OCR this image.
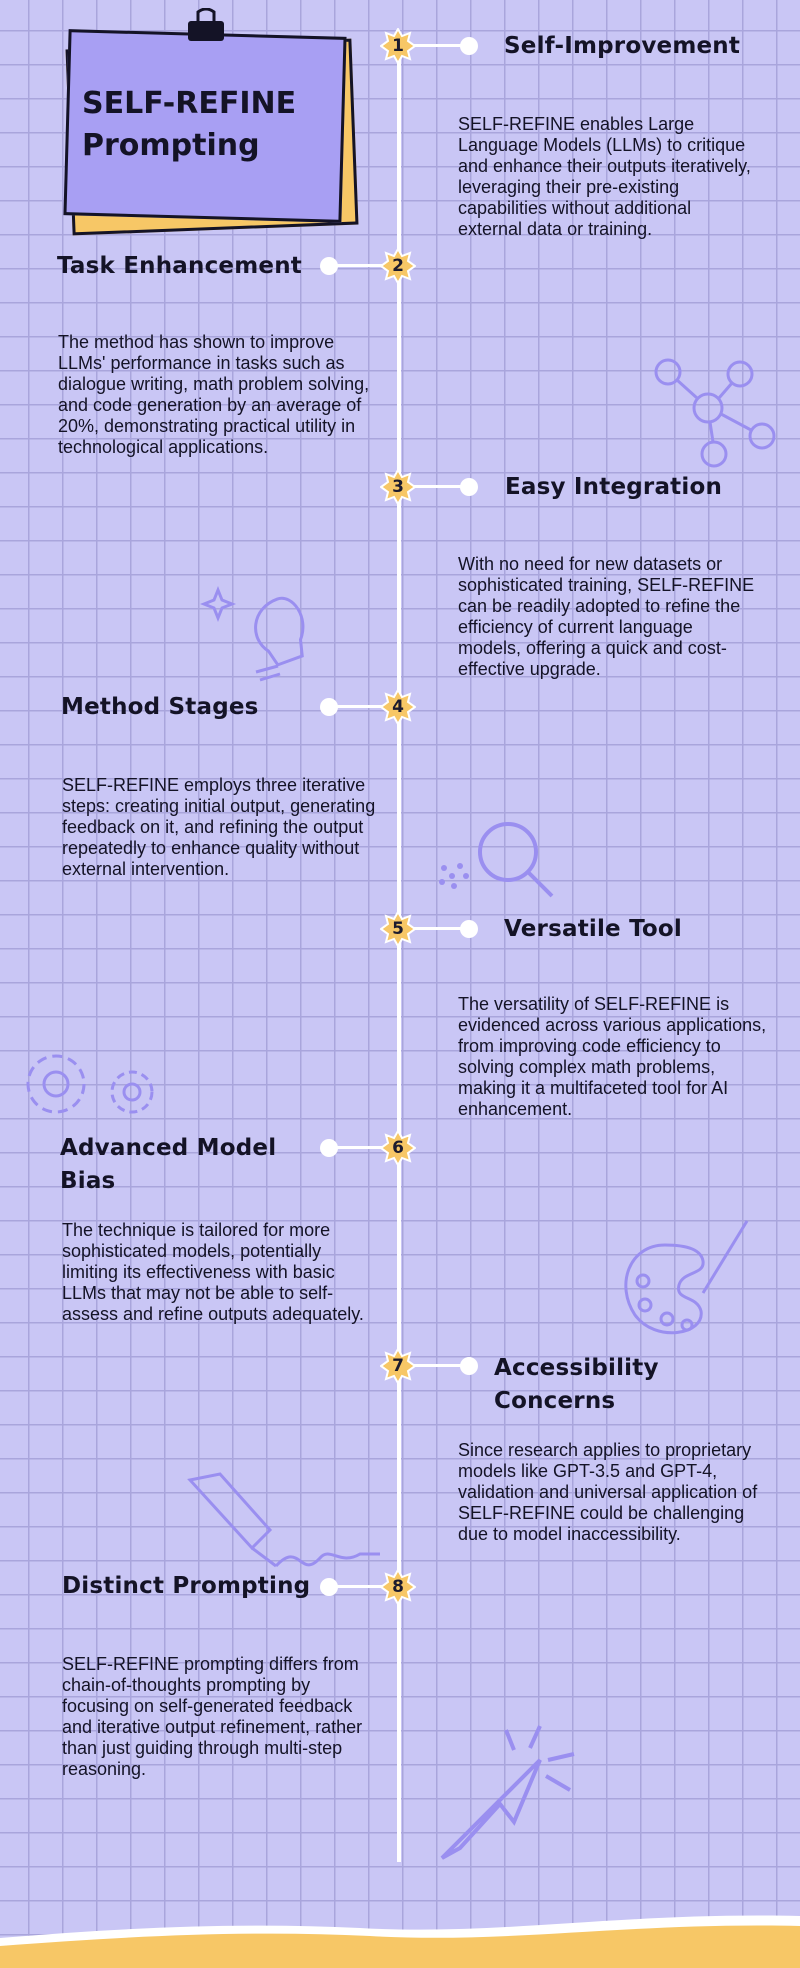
SELF-REFINE Prompting
1	Self-Improvement
SELF-REFINE enables Large Language Models (LLMs) to critique and enhance their outputs iteratively, leveraging their pre-existing capabilities without additional external data or training.
2
Task Enhancement
The method has shown to improve LLMs' performance in tasks such as dialogue writing, math problem solving, and code generation by an average of 20%, demonstrating practical utility in technological applications.
3	Easy Integration
With no need for new datasets or sophisticated training, SELF-REFINE can be readily adopted to refine the efficiency of current language models, offering a quick and cost-effective upgrade.
4
Method Stages
SELF-REFINE employs three iterative steps: creating initial output, generating feedback on it, and refining the output repeatedly to enhance quality without external intervention.
5	Versatile Tool
The versatility of SELF-REFINE is evidenced across various applications, from improving code efficiency to solving complex math problems, making it a multifaceted tool for AI enhancement.
6
Advanced Model Bias
The technique is tailored for more sophisticated models, potentially limiting its effectiveness with basic LLMs that may not be able to self-assess and refine outputs adequately.
7	Accessibility Concerns
Since research applies to proprietary models like GPT-3.5 and GPT-4, validation and universal application of SELF-REFINE could be challenging due to model inaccessibility.
8
Distinct Prompting
SELF-REFINE prompting differs from chain-of-thoughts prompting by focusing on self-generated feedback and iterative output refinement, rather than just guiding through multi-step reasoning.
